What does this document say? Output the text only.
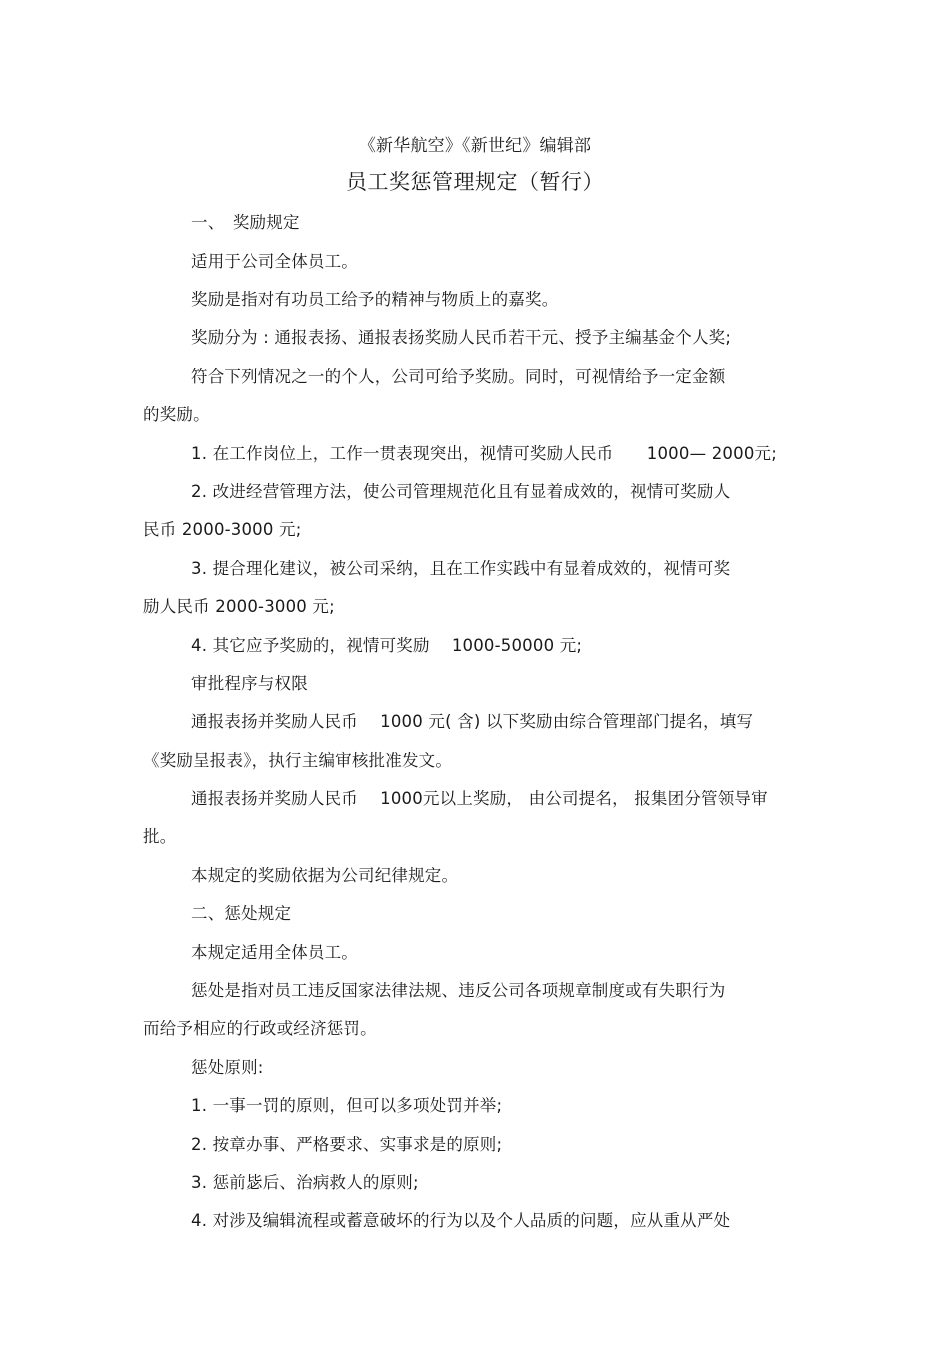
《新华航空》《新世纪》编辑部
员工奖惩管理规定（暂行）
一、　奖励规定
适用于公司全体员工。
奖励是指对有功员工给予的精神与物质上的嘉奖。
奖励分为 : 通报表扬、通报表扬奖励人民币若干元、授予主编基金个人奖;
符合下列情况之一的个人，公司可给予奖励。同时，可视情给予一定金额
的奖励。
1. 在工作岗位上，工作一贯表现突出，视情可奖励人民币　　1000— 2000元;
2. 改进经营管理方法，使公司管理规范化且有显着成效的，视情可奖励人
民币 2000-3000 元;
3. 提合理化建议，被公司采纳，且在工作实践中有显着成效的，视情可奖
励人民币 2000-3000 元;
4. 其它应予奖励的，视情可奖励　 1000-50000 元;
审批程序与权限
通报表扬并奖励人民币　 1000 元( 含) 以下奖励由综合管理部门提名，填写
《奖励呈报表》，执行主编审核批准发文。
通报表扬并奖励人民币　 1000元以上奖励， 由公司提名， 报集团分管领导审
批。
本规定的奖励依据为公司纪律规定。
二、惩处规定
本规定适用全体员工。
惩处是指对员工违反国家法律法规、违反公司各项规章制度或有失职行为
而给予相应的行政或经济惩罚。
惩处原则:
1. 一事一罚的原则，但可以多项处罚并举;
2. 按章办事、严格要求、实事求是的原则;
3. 惩前毖后、治病救人的原则;
4. 对涉及编辑流程或蓄意破坏的行为以及个人品质的问题，应从重从严处
